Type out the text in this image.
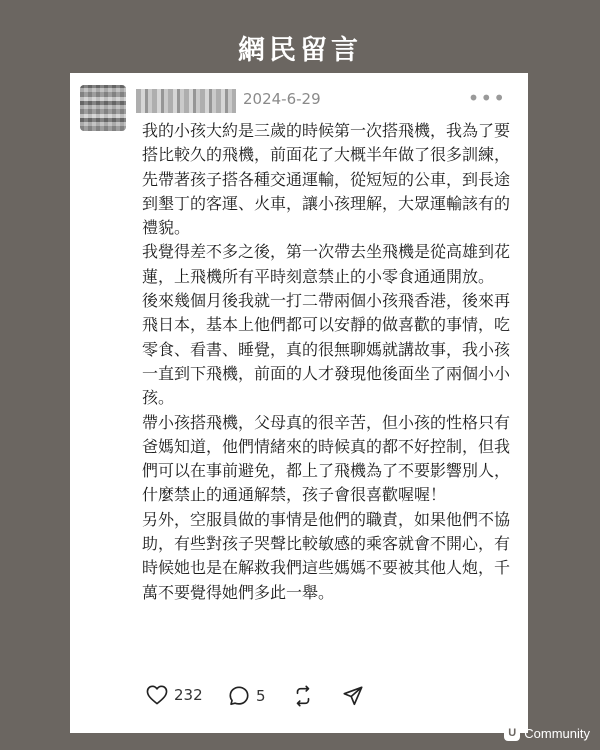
網民留言
2024-6-29	•••

我的小孩大約是三歲的時候第一次搭飛機，我為了要搭比較久的飛機，前面花了大概半年做了很多訓練，先帶著孩子搭各種交通運輸，從短短的公車，到長途到墾丁的客運、火車，讓小孩理解，大眾運輸該有的禮貌。

我覺得差不多之後，第一次帶去坐飛機是從高雄到花蓮，上飛機所有平時刻意禁止的小零食通通開放。

後來幾個月後我就一打二帶兩個小孩飛香港，後來再飛日本，基本上他們都可以安靜的做喜歡的事情，吃零食、看書、睡覺，真的很無聊媽就講故事，我小孩一直到下飛機，前面的人才發現他後面坐了兩個小小孩。

帶小孩搭飛機，父母真的很辛苦，但小孩的性格只有爸媽知道，他們情緒來的時候真的都不好控制，但我們可以在事前避免，都上了飛機為了不要影響別人，什麼禁止的通通解禁，孩子會很喜歡喔喔！

另外，空服員做的事情是他們的職責，如果他們不協助，有些對孩子哭聲比較敏感的乘客就會不開心，有時候她也是在解救我們這些媽媽不要被其他人炮，千萬不要覺得她們多此一舉。

232	5
U Community
